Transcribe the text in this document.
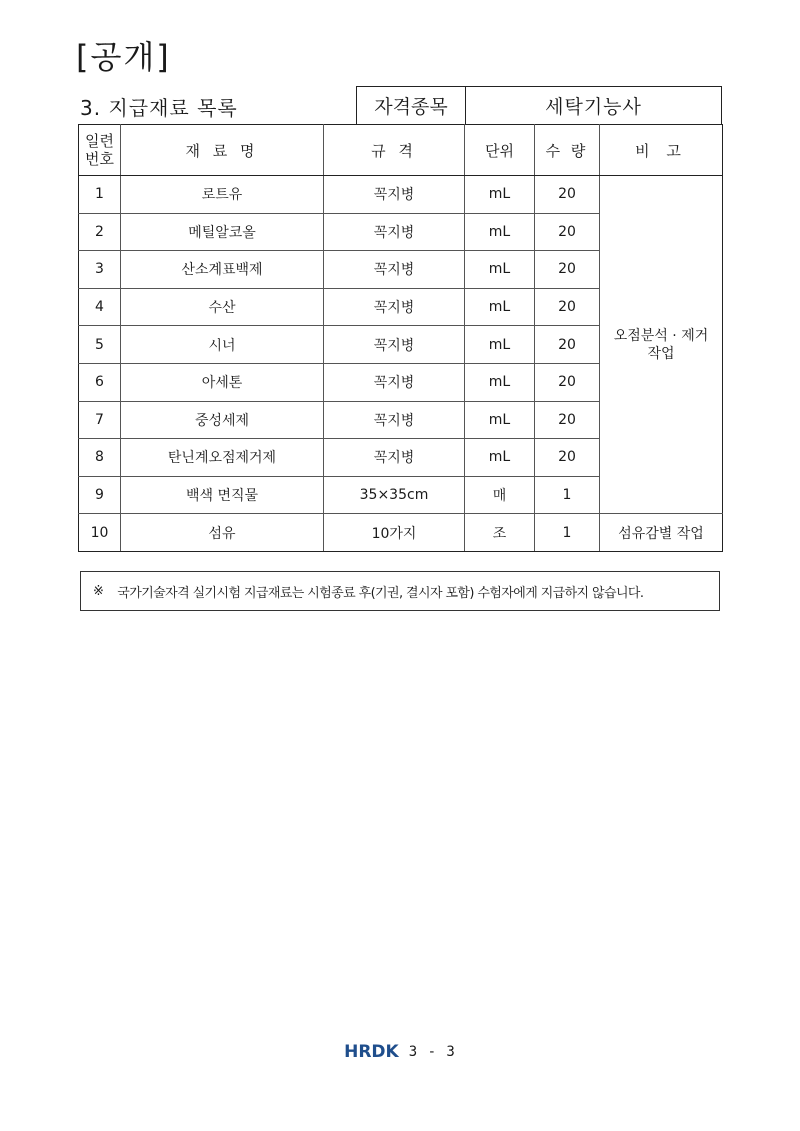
[공개]
3. 지급재료 목록	자격종목	세탁기능사
일련
번호	재 료 명	규 격	단위	수 량	비 고
1	로트유	꼭지병	mL	20	오점분석 · 제거
작업

2	메틸알코올	꼭지병	mL	20	
3	산소계표백제	꼭지병	mL	20	
4	수산	꼭지병	mL	20	
5	시너	꼭지병	mL	20	
6	아세톤	꼭지병	mL	20	
7	중성세제	꼭지병	mL	20	
8	탄닌계오점제거제	꼭지병	mL	20	
9	백색 면직물	35×35cm	매	1	
10	섬유	10가지	조	1	섬유감별 작업
※ 국가기술자격 실기시험 지급재료는 시험종료 후(기권, 결시자 포함) 수험자에게 지급하지 않습니다.
HRDK 3 - 3
